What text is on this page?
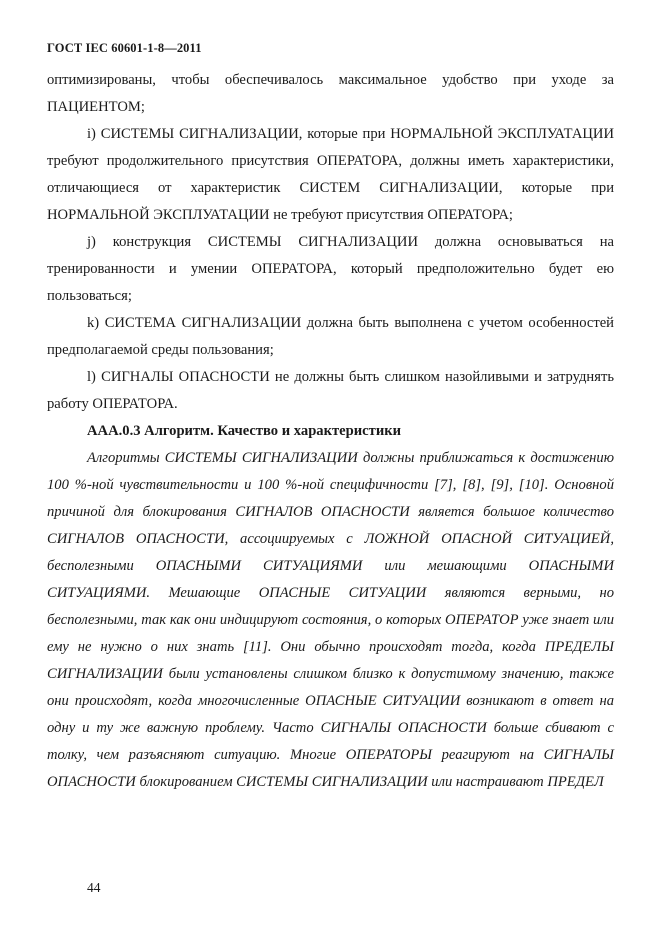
ГОСТ IEC 60601-1-8—2011

оптимизированы, чтобы обеспечивалось максимальное удобство при уходе за ПАЦИЕНТОМ;

i) СИСТЕМЫ СИГНАЛИЗАЦИИ, которые при НОРМАЛЬНОЙ ЭКСПЛУАТАЦИИ требуют продолжительного присутствия ОПЕРАТОРА, должны иметь характеристики, отличающиеся от характеристик СИСТЕМ СИГНАЛИЗАЦИИ, которые при НОРМАЛЬНОЙ ЭКСПЛУАТАЦИИ не требуют присутствия ОПЕРАТОРА;

j) конструкция СИСТЕМЫ СИГНАЛИЗАЦИИ должна основываться на тренированности и умении ОПЕРАТОРА, который предположительно будет ею пользоваться;

k) СИСТЕМА СИГНАЛИЗАЦИИ должна быть выполнена с учетом особенностей предполагаемой среды пользования;

l) СИГНАЛЫ ОПАСНОСТИ не должны быть слишком назойливыми и затруднять работу ОПЕРАТОРА.

AAA.0.3 Алгоритм. Качество и характеристики

Алгоритмы СИСТЕМЫ СИГНАЛИЗАЦИИ должны приближаться к достижению 100 %-ной чувствительности и 100 %-ной специфичности [7], [8], [9], [10]. Основной причиной для блокирования СИГНАЛОВ ОПАСНОСТИ является большое количество СИГНАЛОВ ОПАСНОСТИ, ассоциируемых с ЛОЖНОЙ ОПАСНОЙ СИТУАЦИЕЙ, бесполезными ОПАСНЫМИ СИТУАЦИЯМИ или мешающими ОПАСНЫМИ СИТУАЦИЯМИ. Мешающие ОПАСНЫЕ СИТУАЦИИ являются верными, но бесполезными, так как они индицируют состояния, о которых ОПЕРАТОР уже знает или ему не нужно о них знать [11]. Они обычно происходят тогда, когда ПРЕДЕЛЫ СИГНАЛИЗАЦИИ были установлены слишком близко к допустимому значению, также они происходят, когда многочисленные ОПАСНЫЕ СИТУАЦИИ возникают в ответ на одну и ту же важную проблему. Часто СИГНАЛЫ ОПАСНОСТИ больше сбивают с толку, чем разъясняют ситуацию. Многие ОПЕРАТОРЫ реагируют на СИГНАЛЫ ОПАСНОСТИ блокированием СИСТЕМЫ СИГНАЛИЗАЦИИ или настраивают ПРЕДЕЛ

44
